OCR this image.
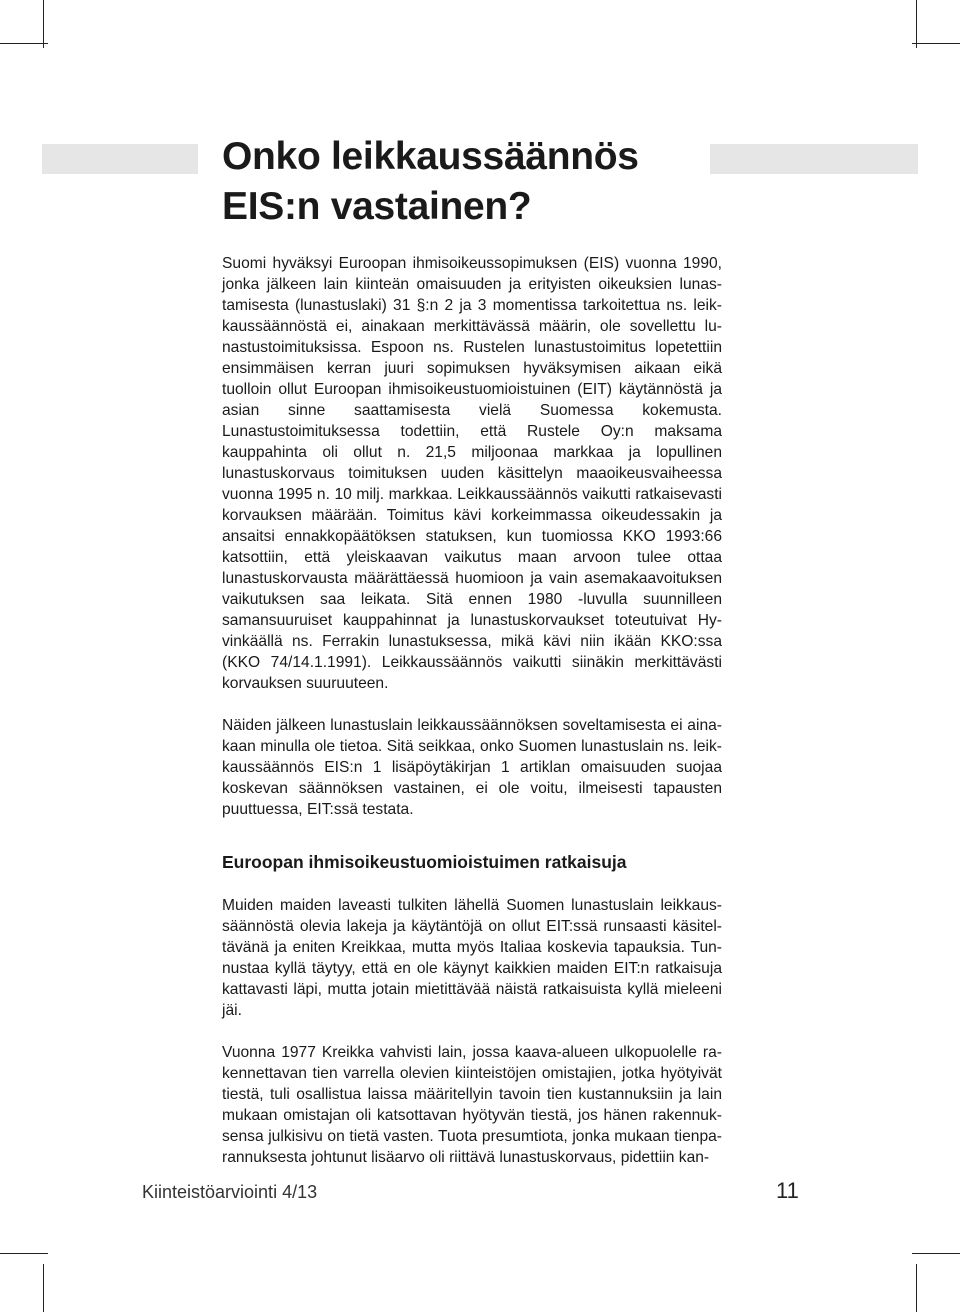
Onko leikkaussäännös EIS:n vastainen?

Suomi hyväksyi Euroopan ihmisoikeussopimuksen (EIS) vuonna 1990, jonka jälkeen lain kiinteän omaisuuden ja erityisten oikeuksien lunastamisesta (lunastuslaki) 31 §:n 2 ja 3 momentissa tarkoitettua ns. leikkaussäännöstä ei, ainakaan merkittävässä määrin, ole sovellettu lunastustoimituksissa. Espoon ns. Rustelen lunastustoimitus lopetettiin ensimmäisen kerran juuri sopimuksen hyväksymisen aikaan eikä tuolloin ollut Euroopan ihmisoikeustuomioistuinen (EIT) käytännöstä ja asian sinne saattamisesta vielä Suomessa kokemusta. Lunastustoimituksessa todettiin, että Rustele Oy:n maksama kauppahinta oli ollut n. 21,5 miljoonaa markkaa ja lopullinen lunastuskorvaus toimituksen uuden käsittelyn maaoikeusvaiheessa vuonna 1995 n. 10 milj. markkaa. Leikkaussäännös vaikutti ratkaisevasti korvauksen määrään. Toimitus kävi korkeimmassa oikeudessakin ja ansaitsi ennakkopäätöksen statuksen, kun tuomiossa KKO 1993:66 katsottiin, että yleiskaavan vaikutus maan arvoon tulee ottaa lunastuskorvausta määrättäessä huomioon ja vain asemakaavoituksen vaikutuksen saa leikata. Sitä ennen 1980 -luvulla suunnilleen samansuuruiset kauppahinnat ja lunastuskorvaukset toteutuivat Hyvinkäällä ns. Ferrakin lunastuksessa, mikä kävi niin ikään KKO:ssa (KKO 74/14.1.1991). Leikkaussäännös vaikutti siinäkin merkittävästi korvauksen suuruuteen.

Näiden jälkeen lunastuslain leikkaussäännöksen soveltamisesta ei ainakaan minulla ole tietoa. Sitä seikkaa, onko Suomen lunastuslain ns. leikkaussäännös EIS:n 1 lisäpöytäkirjan 1 artiklan omaisuuden suojaa koskevan säännöksen vastainen, ei ole voitu, ilmeisesti tapausten puuttuessa, EIT:ssä testata.

Euroopan ihmisoikeustuomioistuimen ratkaisuja

Muiden maiden laveasti tulkiten lähellä Suomen lunastuslain leikkaussäännöstä olevia lakeja ja käytäntöjä on ollut EIT:ssä runsaasti käsiteltävänä ja eniten Kreikkaa, mutta myös Italiaa koskevia tapauksia. Tunnustaa kyllä täytyy, että en ole käynyt kaikkien maiden EIT:n ratkaisuja kattavasti läpi, mutta jotain mietittävää näistä ratkaisuista kyllä mieleeni jäi.

Vuonna 1977 Kreikka vahvisti lain, jossa kaava-alueen ulkopuolelle rakennettavan tien varrella olevien kiinteistöjen omistajien, jotka hyötyivät tiestä, tuli osallistua laissa määritellyin tavoin tien kustannuksiin ja lain mukaan omistajan oli katsottavan hyötyvän tiestä, jos hänen rakennuksensa julkisivu on tietä vasten. Tuota presumtiota, jonka mukaan tienparannuksesta johtunut lisäarvo oli riittävä lunastuskorvaus, pidettiin kan-

Kiinteistöarviointi 4/13	11
